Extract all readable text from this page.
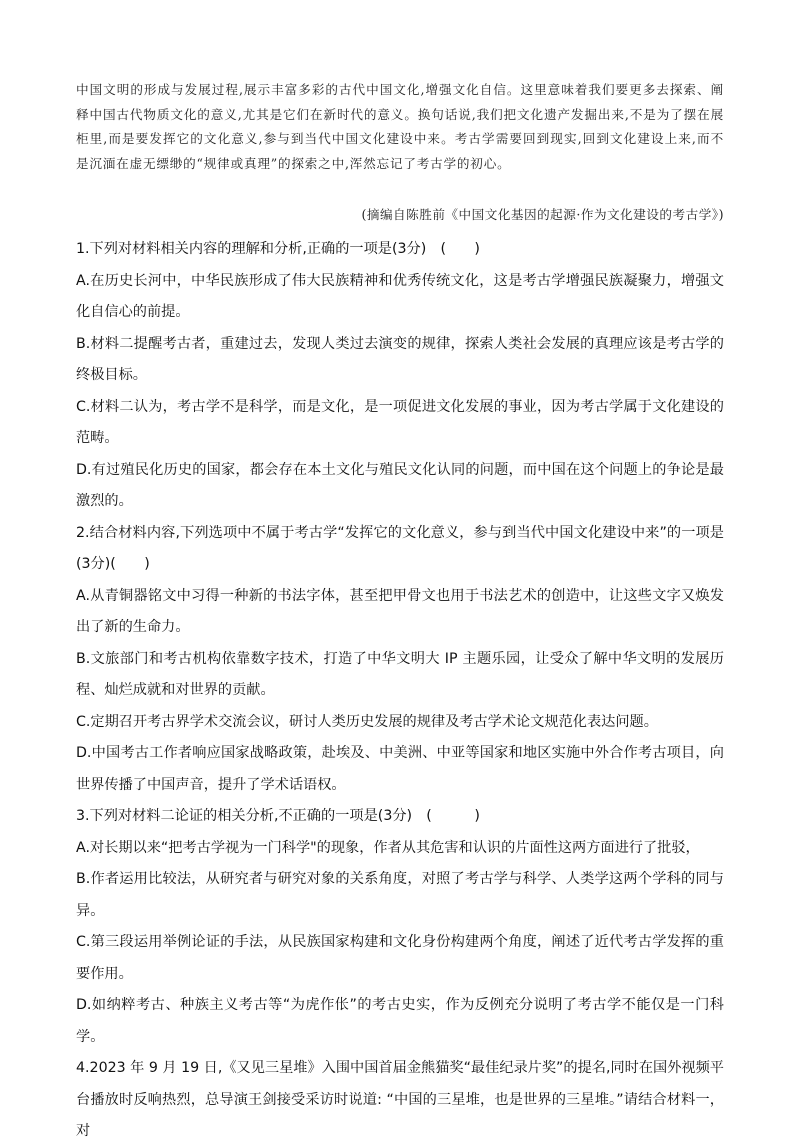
中国文明的形成与发展过程,展示丰富多彩的古代中国文化,增强文化自信。这里意味着我们要更多去探索、阐释中国古代物质文化的意义,尤其是它们在新时代的意义。换句话说,我们把文化遗产发掘出来,不是为了摆在展柜里,而是要发挥它的文化意义,参与到当代中国文化建设中来。考古学需要回到现实,回到文化建设上来,而不是沉湎在虚无缥缈的“规律或真理”的探索之中,浑然忘记了考古学的初心。

(摘编自陈胜前《中国文化基因的起源·作为文化建设的考古学》)

1.下列对材料相关内容的理解和分析,正确的一项是(3分)　(　　)

A.在历史长河中，中华民族形成了伟大民族精神和优秀传统文化，这是考古学增强民族凝聚力，增强文化自信心的前提。

B.材料二提醒考古者，重建过去，发现人类过去演变的规律，探索人类社会发展的真理应该是考古学的终极目标。

C.材料二认为，考古学不是科学，而是文化，是一项促进文化发展的事业，因为考古学属于文化建设的范畴。

D.有过殖民化历史的国家，都会存在本土文化与殖民文化认同的问题，而中国在这个问题上的争论是最激烈的。

2.结合材料内容,下列选项中不属于考古学“发挥它的文化意义，参与到当代中国文化建设中来”的一项是(3分)(　　)

A.从青铜器铭文中习得一种新的书法字体，甚至把甲骨文也用于书法艺术的创造中，让这些文字又焕发出了新的生命力。

B.文旅部门和考古机构依靠数字技术，打造了中华文明大 IP 主题乐园，让受众了解中华文明的发展历程、灿烂成就和对世界的贡献。

C.定期召开考古界学术交流会议，研讨人类历史发展的规律及考古学术论文规范化表达问题。

D.中国考古工作者响应国家战略政策，赴埃及、中美洲、中亚等国家和地区实施中外合作考古项目，向世界传播了中国声音，提升了学术话语权。

3.下列对材料二论证的相关分析,不正确的一项是(3分)　(　　　)

A.对长期以来“把考古学视为一门科学"的现象，作者从其危害和认识的片面性这两方面进行了批驳，

B.作者运用比较法，从研究者与研究对象的关系角度，对照了考古学与科学、人类学这两个学科的同与异。

C.第三段运用举例论证的手法，从民族国家构建和文化身份构建两个角度，阐述了近代考古学发挥的重要作用。

D.如纳粹考古、种族主义考古等“为虎作伥”的考古史实，作为反例充分说明了考古学不能仅是一门科学。

4.2023 年 9 月 19 日,《又见三星堆》入围中国首届金熊猫奖“最佳纪录片奖”的提名,同时在国外视频平台播放时反响热烈，总导演王剑接受采访时说道: “中国的三星堆，也是世界的三星堆。”请结合材料一，对
